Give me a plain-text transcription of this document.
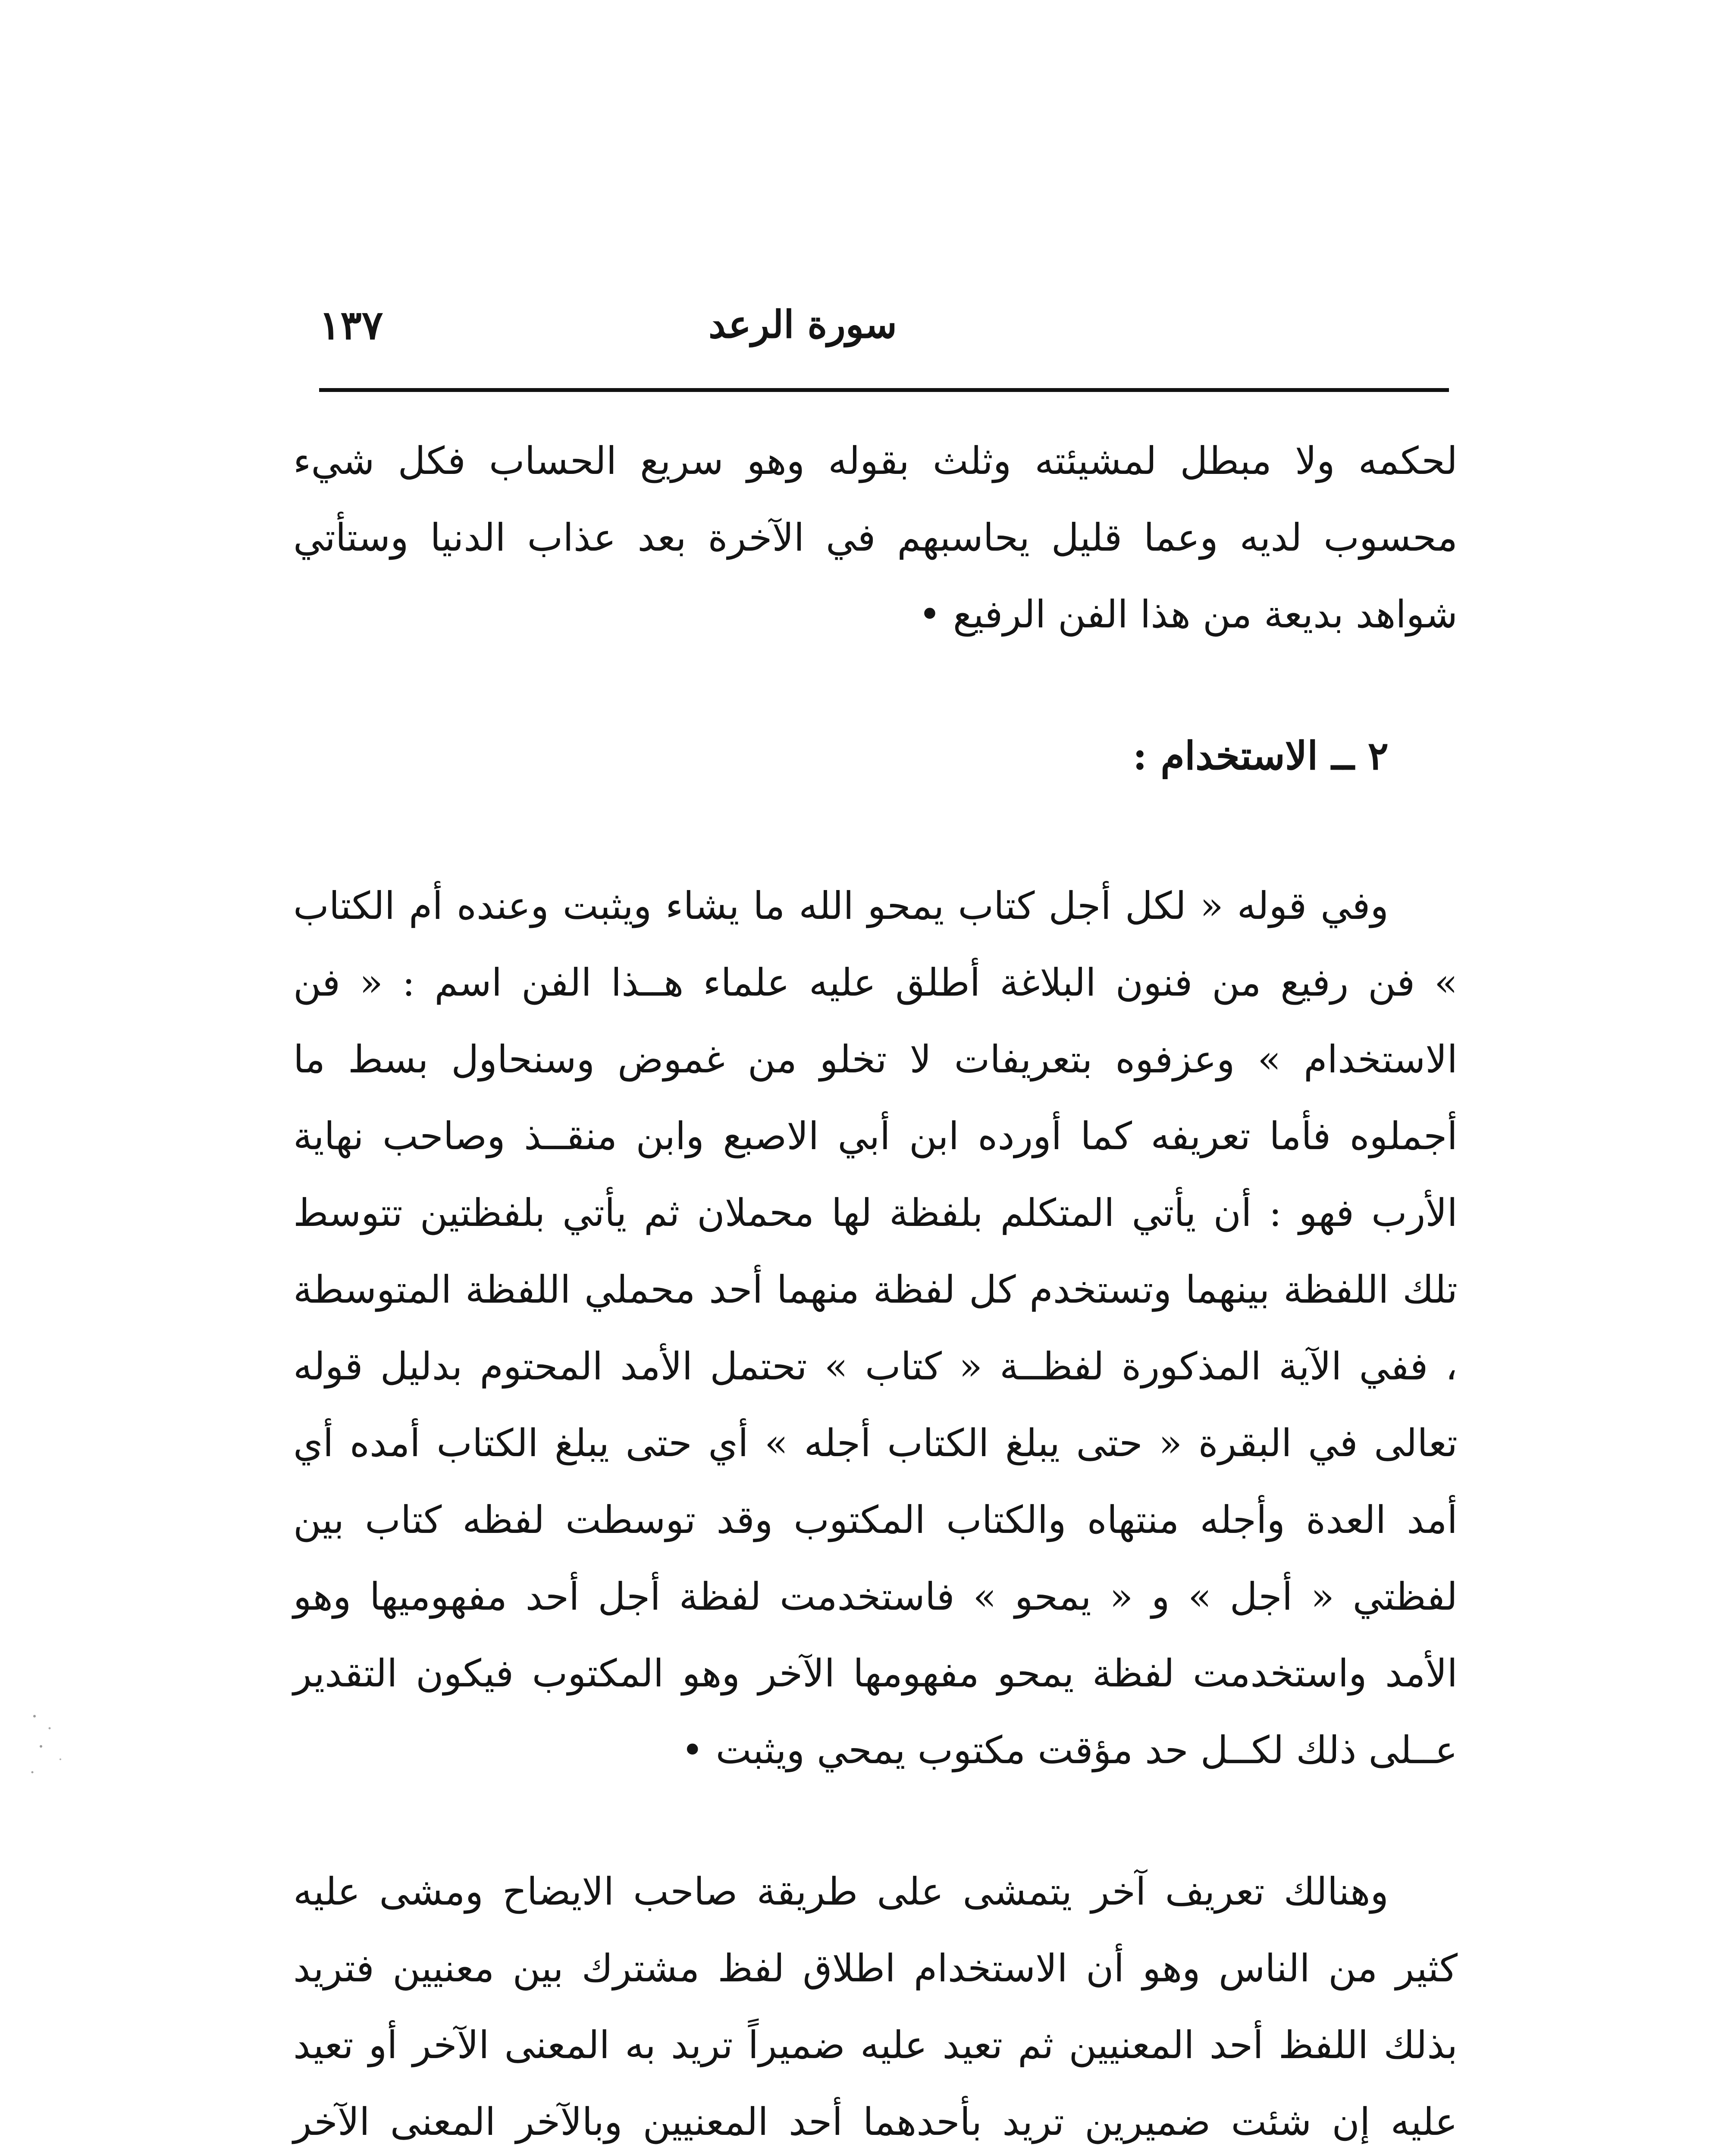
١٣٧	سورة الرعد

لحكمه ولا مبطل لمشيئته وثلث بقوله وهو سريع الحساب فكل شيء محسوب لديه وعما قليل يحاسبهم في الآخرة بعد عذاب الدنيا وستأتي شواهد بديعة من هذا الفن الرفيع •

٢ ــ الاستخدام :

وفي قوله « لكل أجل كتاب يمحو الله ما يشاء ويثبت وعنده أم الكتاب » فن رفيع من فنون البلاغة أطلق عليه علماء هــذا الفن اسم : « فن الاستخدام » وعزفوه بتعريفات لا تخلو من غموض وسنحاول بسط ما أجملوه فأما تعريفه كما أورده ابن أبي الاصبع وابن منقــذ وصاحب نهاية الأرب فهو : أن يأتي المتكلم بلفظة لها محملان ثم يأتي بلفظتين تتوسط تلك اللفظة بينهما وتستخدم كل لفظة منهما أحد محملي اللفظة المتوسطة ، ففي الآية المذكورة لفظــة « كتاب » تحتمل الأمد المحتوم بدليل قوله تعالى في البقرة « حتى يبلغ الكتاب أجله » أي حتى يبلغ الكتاب أمده أي أمد العدة وأجله منتهاه والكتاب المكتوب وقد توسطت لفظه كتاب بين لفظتي « أجل » و « يمحو » فاستخدمت لفظة أجل أحد مفهوميها وهو الأمد واستخدمت لفظة يمحو مفهومها الآخر وهو المكتوب فيكون التقدير عــلى ذلك لكــل حد مؤقت مكتوب يمحي ويثبت •

وهنالك تعريف آخر يتمشى على طريقة صاحب الايضاح ومشى عليه كثير من الناس وهو أن الاستخدام اطلاق لفظ مشترك بين معنيين فتريد بذلك اللفظ أحد المعنيين ثم تعيد عليه ضميراً تريد به المعنى الآخر أو تعيد عليه إن شئت ضميرين تريد بأحدهما أحد المعنيين وبالآخر المعنى الآخر
